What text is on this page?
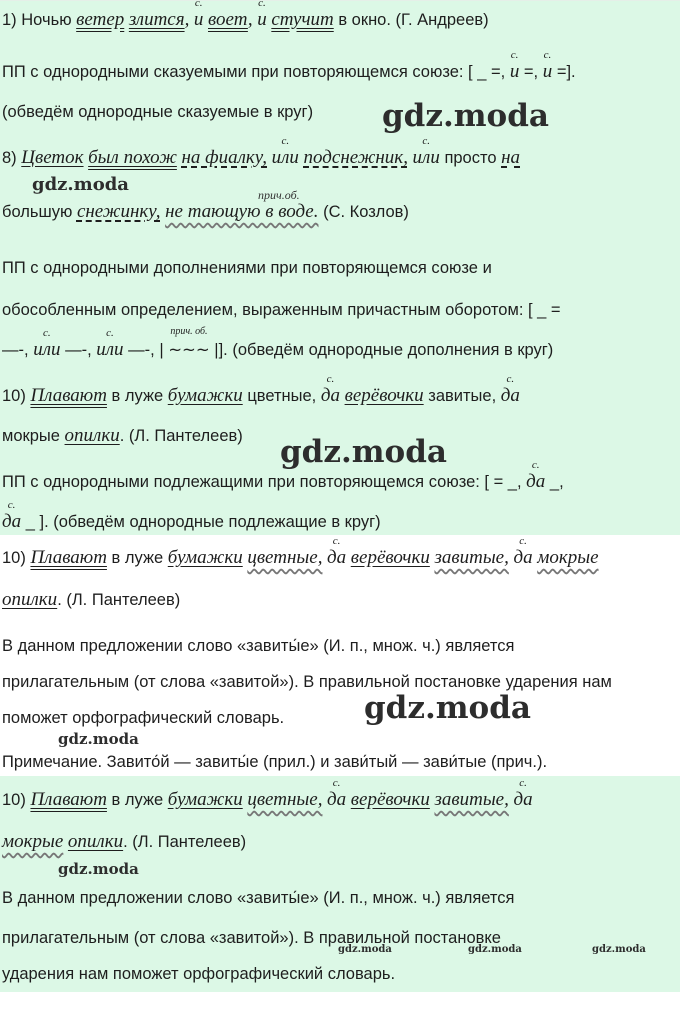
1) Ночью ветер злится,
с.
и воет,
с.
и стучит в окно. (Г. Андреев)
ПП с однородными сказуемыми при повторяющемся союзе: [ _ =,
с.
и =,
с.
и =].
(обведём однородные сказуемые в круг) gdz.moda
8) Цветок был похож на фиалку,
с.
или подснежник,
с.
или просто на
gdz.moda	прич.об.
большую снежинку, не тающую в воде. (С. Козлов)
ПП с однородными дополнениями при повторяющемся союзе и
обособленным определением, выраженным причастным оборотом: [ _ =
—-,
с.
или —-,
с.
или —-, |
прич. об.
∼∼∼ |]. (обведём однородные дополнения в круг)
10) Плавают в луже бумажки цветные,
с.
да верёвочки завитые,
с.
да
мокрые опилки. (Л. Пантелеев) gdz.moda
ПП с однородными подлежащими при повторяющемся союзе: [ = _,
с.
да _,
с.
да _ ]. (обведём однородные подлежащие в круг)
10) Плавают в луже бумажки цветные,
с.
да верёвочки завитые,
с.
да мокрые
опилки. (Л. Пантелеев)
В данном предложении слово «завиты́е» (И. п., множ. ч.) является
прилагательным (от слова «завитой»). В правильной постановке ударения нам
поможет орфографический словарь.	gdz.moda
gdz.moda
Примечание. Завито́й — завиты́е (прил.) и зави́тый — зави́тые (прич.).
10) Плавают в луже бумажки цветные,
с.
да верёвочки завитые,
с.
да
мокрые опилки. (Л. Пантелеев)
gdz.moda
В данном предложении слово «завиты́е» (И. п., множ. ч.) является
прилагательным (от слова «завитой»). В правильной постановке
ударения нам поможет орфографический словарь.
gdz.moda	gdz.moda	gdz.moda
